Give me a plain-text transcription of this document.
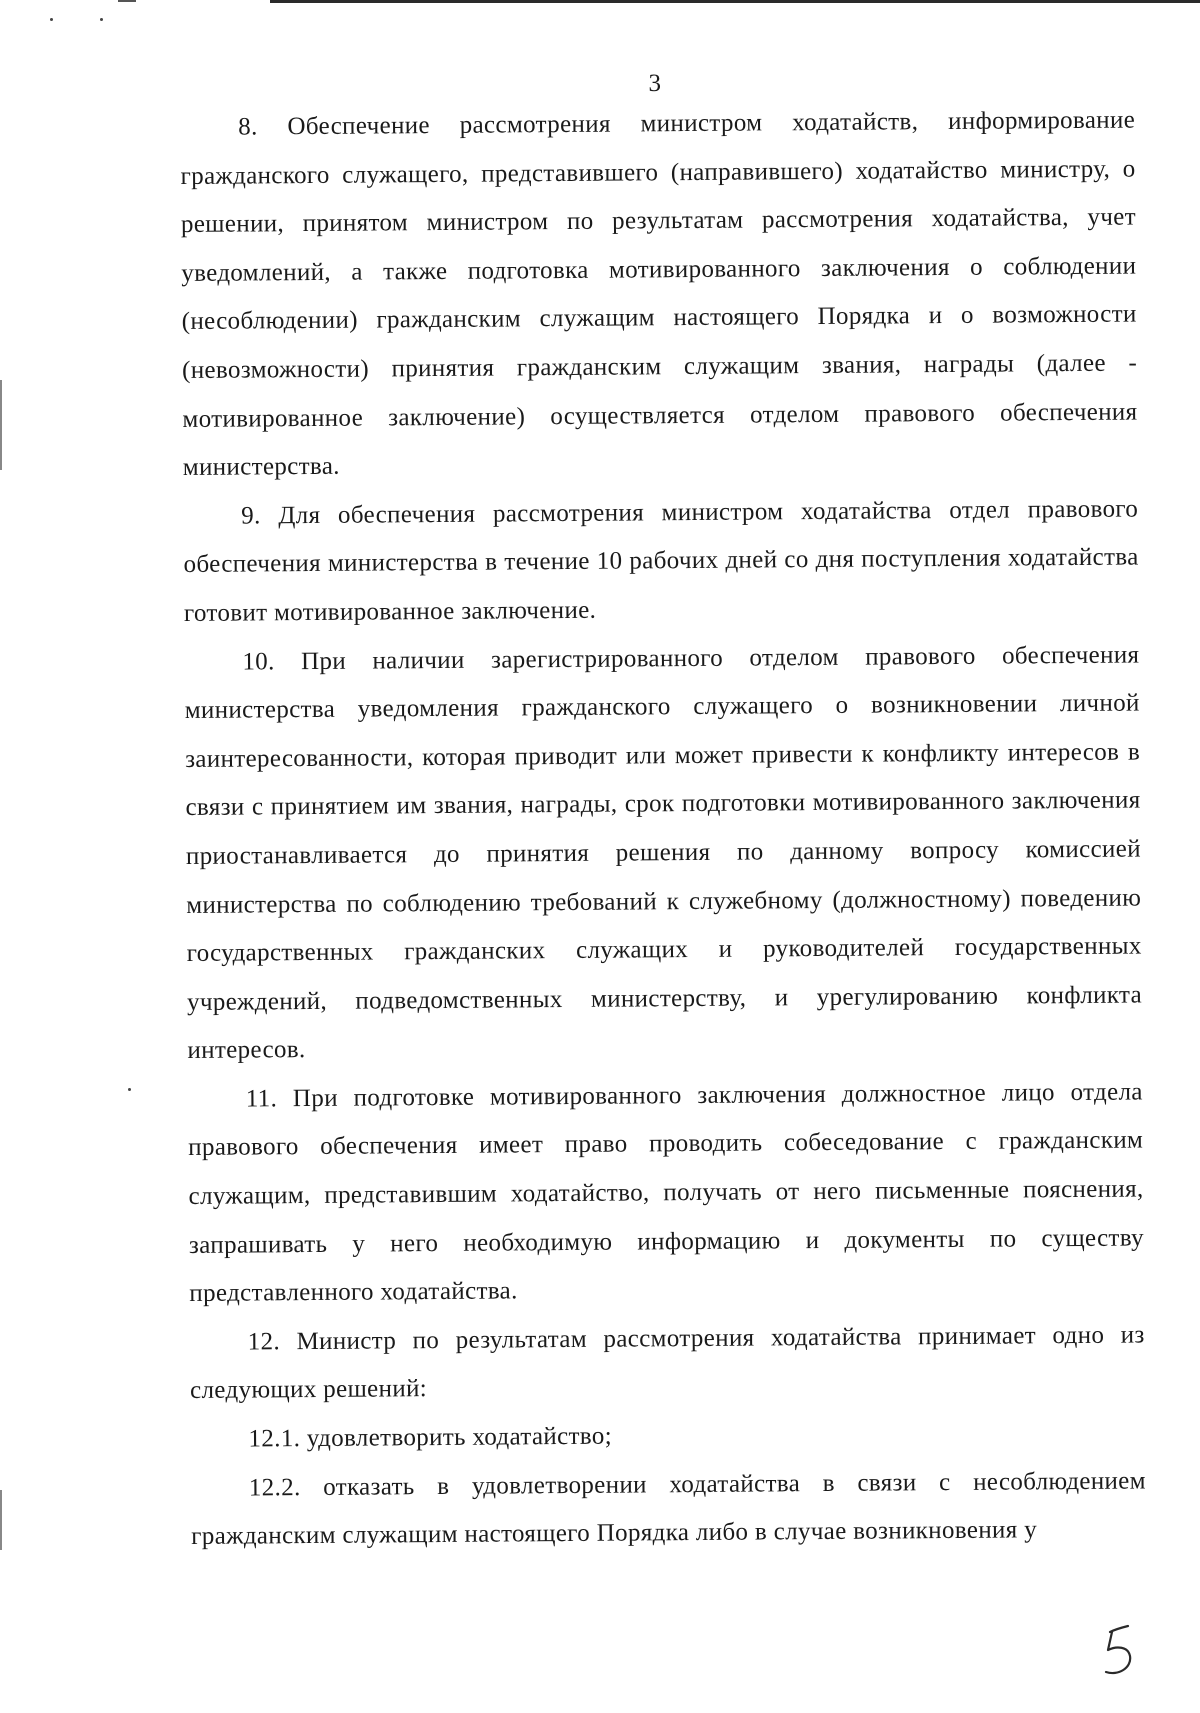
3

8. Обеспечение рассмотрения министром ходатайств, информирование гражданского служащего, представившего (направившего) ходатайство министру, о решении, принятом министром по результатам рассмотрения ходатайства, учет уведомлений, а также подготовка мотивированного заключения о соблюдении (несоблюдении) гражданским служащим настоящего Порядка и о возможности (невозможности) принятия гражданским служащим звания, награды (далее - мотивированное заключение) осуществляется отделом правового обеспечения министерства.

9. Для обеспечения рассмотрения министром ходатайства отдел правового обеспечения министерства в течение 10 рабочих дней со дня поступления ходатайства готовит мотивированное заключение.

10. При наличии зарегистрированного отделом правового обеспечения министерства уведомления гражданского служащего о возникновении личной заинтересованности, которая приводит или может привести к конфликту интересов в связи с принятием им звания, награды, срок подготовки мотивированного заключения приостанавливается до принятия решения по данному вопросу комиссией министерства по соблюдению требований к служебному (должностному) поведению государственных гражданских служащих и руководителей государственных учреждений, подведомственных министерству, и урегулированию конфликта интересов.

11. При подготовке мотивированного заключения должностное лицо отдела правового обеспечения имеет право проводить собеседование с гражданским служащим, представившим ходатайство, получать от него письменные пояснения, запрашивать у него необходимую информацию и документы по существу представленного ходатайства.

12. Министр по результатам рассмотрения ходатайства принимает одно из следующих решений:

12.1. удовлетворить ходатайство;

12.2. отказать в удовлетворении ходатайства в связи с несоблюдением гражданским служащим настоящего Порядка либо в случае возникновения у
